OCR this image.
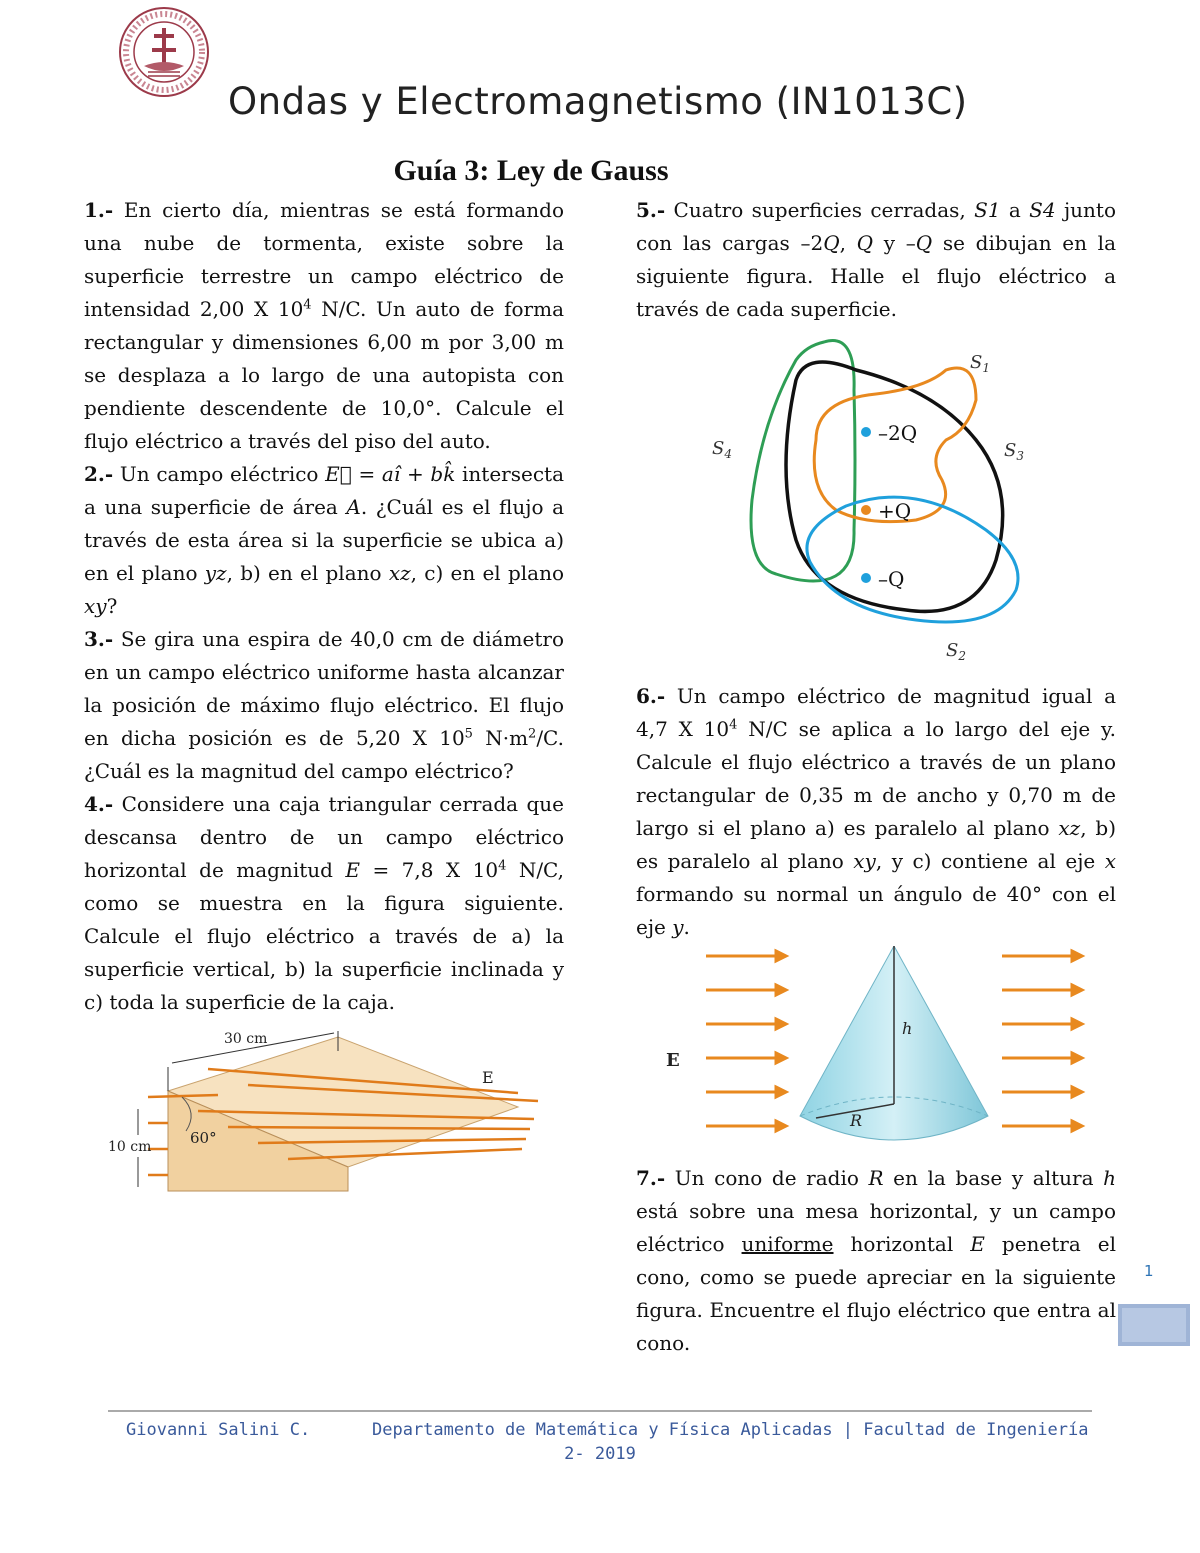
Ondas y Electromagnetismo (IN1013C)
Guía 3: Ley de Gauss
1.- En cierto día, mientras se está formando una nube de tormenta, existe sobre la superficie terrestre un campo eléctrico de intensidad 2,00 X $10^4$ N/C. Un auto de forma rectangular y dimensiones 6,00 m por 3,00 m se desplaza a lo largo de una autopista con pendiente descendente de 10,0°. Calcule el flujo eléctrico a través del piso del auto.
2.- Un campo eléctrico E⃗ = aî + bk̂ intersecta a una superficie de área A. ¿Cuál es el flujo a través de esta área si la superficie se ubica a) en el plano yz, b) en el plano xz, c) en el plano xy?
3.- Se gira una espira de 40,0 cm de diámetro en un campo eléctrico uniforme hasta alcanzar la posición de máximo flujo eléctrico. El flujo en dicha posición es de 5,20 X $10^5$ $N\cdot m^2/C$. ¿Cuál es la magnitud del campo eléctrico?
4.- Considere una caja triangular cerrada que descansa dentro de un campo eléctrico horizontal de magnitud E = 7,8 X $10^4$ N/C, como se muestra en la figura siguiente. Calcule el flujo eléctrico a través de a) la superficie vertical, b) la superficie inclinada y c) toda la superficie de la caja.
30 cm
10 cm	60°
E
5.- Cuatro superficies cerradas, S1 a S4 junto con las cargas –2Q, Q y –Q se dibujan en la siguiente figura. Halle el flujo eléctrico a través de cada superficie.
–2Q
+Q
–Q
$S_1$
$S_2$
$S_3$
$S_4$
6.- Un campo eléctrico de magnitud igual a 4,7 X $10^4$ N/C se aplica a lo largo del eje y. Calcule el flujo eléctrico a través de un plano rectangular de 0,35 m de ancho y 0,70 m de largo si el plano a) es paralelo al plano xz, b) es paralelo al plano xy, y c) contiene al eje x formando su normal un ángulo de 40° con el eje y.
h
R
E
7.- Un cono de radio R en la base y altura h está sobre una mesa horizontal, y un campo eléctrico uniforme horizontal E penetra el cono, como se puede apreciar en la siguiente figura. Encuentre el flujo eléctrico que entra al cono.
1
Giovanni Salini C.	Departamento de Matemática y Física Aplicadas | Facultad de Ingeniería
2- 2019
